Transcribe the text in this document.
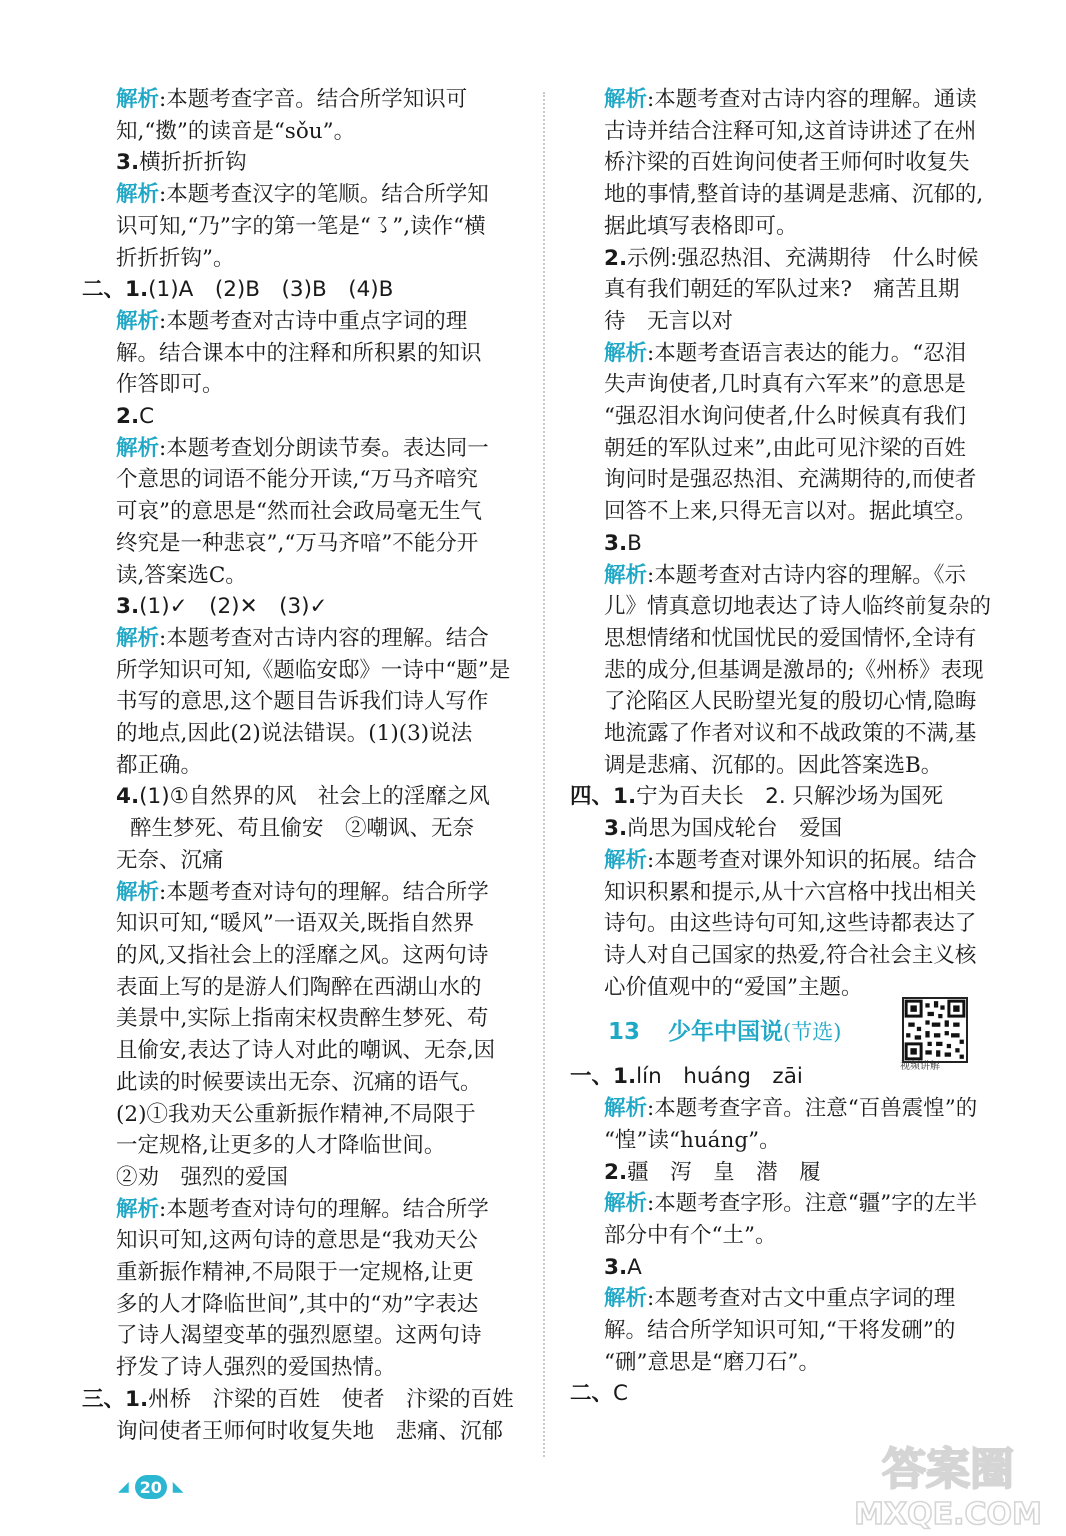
解析:本题考查字音。结合所学知识可
知,“擞”的读音是“sǒu”。
3.横折折折钩
解析:本题考查汉字的笔顺。结合所学知
识可知,“乃”字的第一笔是“㇌”,读作“横
折折折钩”。
二、1.(1)A　(2)B　(3)B　(4)B
解析:本题考查对古诗中重点字词的理
解。结合课本中的注释和所积累的知识
作答即可。
2.C
解析:本题考查划分朗读节奏。表达同一
个意思的词语不能分开读,“万马齐喑究
可哀”的意思是“然而社会政局毫无生气
终究是一种悲哀”,“万马齐喑”不能分开
读,答案选C。
3.(1)✓　(2)✕　(3)✓
解析:本题考查对古诗内容的理解。结合
所学知识可知,《题临安邸》一诗中“题”是
书写的意思,这个题目告诉我们诗人写作
的地点,因此(2)说法错误。(1)(3)说法
都正确。
4.(1)①自然界的风　社会上的淫靡之风
醉生梦死、苟且偷安　②嘲讽、无奈
无奈、沉痛
解析:本题考查对诗句的理解。结合所学
知识可知,“暖风”一语双关,既指自然界
的风,又指社会上的淫靡之风。这两句诗
表面上写的是游人们陶醉在西湖山水的
美景中,实际上指南宋权贵醉生梦死、苟
且偷安,表达了诗人对此的嘲讽、无奈,因
此读的时候要读出无奈、沉痛的语气。
(2)①我劝天公重新振作精神,不局限于
一定规格,让更多的人才降临世间。
②劝　强烈的爱国
解析:本题考查对诗句的理解。结合所学
知识可知,这两句诗的意思是“我劝天公
重新振作精神,不局限于一定规格,让更
多的人才降临世间”,其中的“劝”字表达
了诗人渴望变革的强烈愿望。这两句诗
抒发了诗人强烈的爱国热情。
三、1.州桥　汴梁的百姓　使者　汴梁的百姓
询问使者王师何时收复失地　悲痛、沉郁
解析:本题考查对古诗内容的理解。通读
古诗并结合注释可知,这首诗讲述了在州
桥汴梁的百姓询问使者王师何时收复失
地的事情,整首诗的基调是悲痛、沉郁的,
据此填写表格即可。
2.示例:强忍热泪、充满期待　什么时候
真有我们朝廷的军队过来?　痛苦且期
待　无言以对
解析:本题考查语言表达的能力。“忍泪
失声询使者,几时真有六军来”的意思是
“强忍泪水询问使者,什么时候真有我们
朝廷的军队过来”,由此可见汴梁的百姓
询问时是强忍热泪、充满期待的,而使者
回答不上来,只得无言以对。据此填空。
3.B
解析:本题考查对古诗内容的理解。《示
儿》情真意切地表达了诗人临终前复杂的
思想情绪和忧国忧民的爱国情怀,全诗有
悲的成分,但基调是激昂的;《州桥》表现
了沦陷区人民盼望光复的殷切心情,隐晦
地流露了作者对议和不战政策的不满,基
调是悲痛、沉郁的。因此答案选B。
四、1.宁为百夫长　2. 只解沙场为国死
3.尚思为国戍轮台　爱国
解析:本题考查对课外知识的拓展。结合
知识积累和提示,从十六宫格中找出相关
诗句。由这些诗句可知,这些诗都表达了
诗人对自己国家的热爱,符合社会主义核
心价值观中的“爱国”主题。
13 少年中国说 (节选)
视频讲解
一、1.lín　huáng　zāi
解析:本题考查字音。注意“百兽震惶”的
“惶”读“huáng”。
2.疆　泻　皇　潜　履
解析:本题考查字形。注意“疆”字的左半
部分中有个“土”。
3.A
解析:本题考查对古文中重点字词的理
解。结合所学知识可知,“干将发硎”的
“硎”意思是“磨刀石”。
二、C
◢ 20 ◣	答案圈
MXQE.COM
